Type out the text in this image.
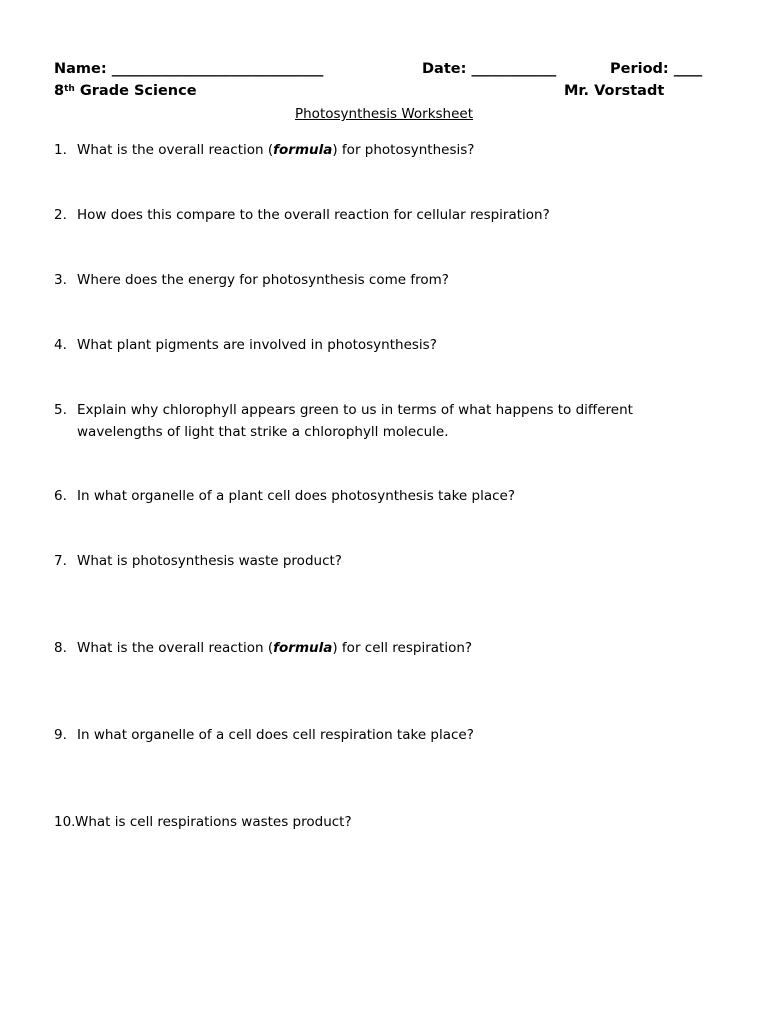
Name: ______________________________	Date: ____________	Period: ____
8th Grade Science	Mr. Vorstadt
Photosynthesis Worksheet
1. What is the overall reaction (formula) for photosynthesis?
2. How does this compare to the overall reaction for cellular respiration?
3. Where does the energy for photosynthesis come from?
4. What plant pigments are involved in photosynthesis?
5. Explain why chlorophyll appears green to us in terms of what happens to different
wavelengths of light that strike a chlorophyll molecule.
6. In what organelle of a plant cell does photosynthesis take place?
7. What is photosynthesis waste product?
8. What is the overall reaction (formula) for cell respiration?
9. In what organelle of a cell does cell respiration take place?
10. What is cell respirations wastes product?
